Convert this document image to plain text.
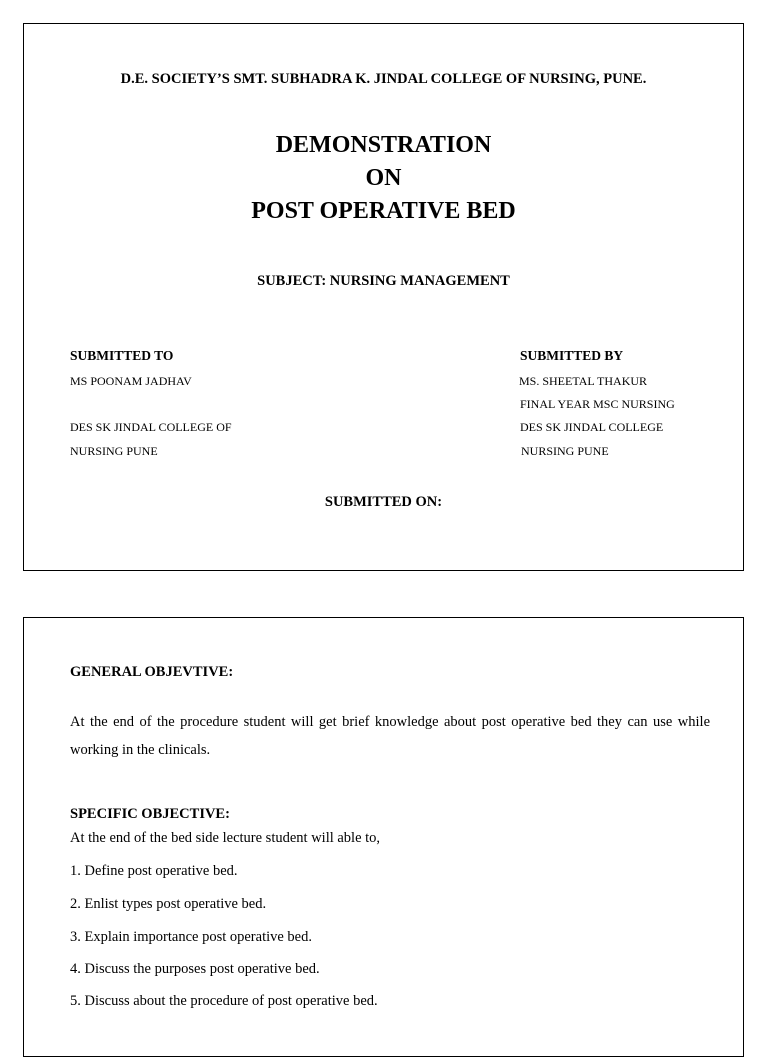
D.E. SOCIETY’S SMT. SUBHADRA K. JINDAL COLLEGE OF NURSING, PUNE.
DEMONSTRATION
ON
POST OPERATIVE BED
SUBJECT: NURSING MANAGEMENT
SUBMITTED TO
MS POONAM JADHAV
DES SK JINDAL COLLEGE OF
NURSING PUNE
SUBMITTED BY
MS. SHEETAL THAKUR
FINAL YEAR MSC NURSING
DES SK JINDAL COLLEGE
NURSING PUNE
SUBMITTED ON:
GENERAL OBJEVTIVE:
At the end of the procedure student will get brief knowledge about post operative bed they can use while working in the clinicals.
SPECIFIC OBJECTIVE:
At the end of the bed side lecture student will able to,
1. Define post operative bed.
2. Enlist types post operative bed.
3. Explain importance post operative bed.
4. Discuss the purposes post operative bed.
5. Discuss about the procedure of post operative bed.
